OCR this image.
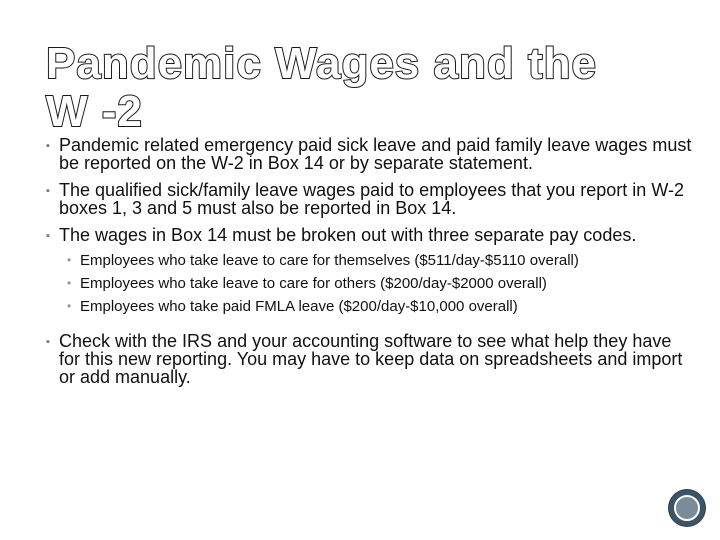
Pandemic Wages and the W -2
▪ Pandemic related emergency paid sick leave and paid family leave wages must be reported on the W-2 in Box 14 or by separate statement.
▪ The qualified sick/family leave wages paid to employees that you report in W-2 boxes 1, 3 and 5 must also be reported in Box 14.
▪ The wages in Box 14 must be broken out with three separate pay codes.
• Employees who take leave to care for themselves ($511/day-$5110 overall)
• Employees who take leave to care for others ($200/day-$2000 overall)
• Employees who take paid FMLA leave ($200/day-$10,000 overall)
▪ Check with the IRS and your accounting software to see what help they have for this new reporting. You may have to keep data on spreadsheets and import or add manually.
